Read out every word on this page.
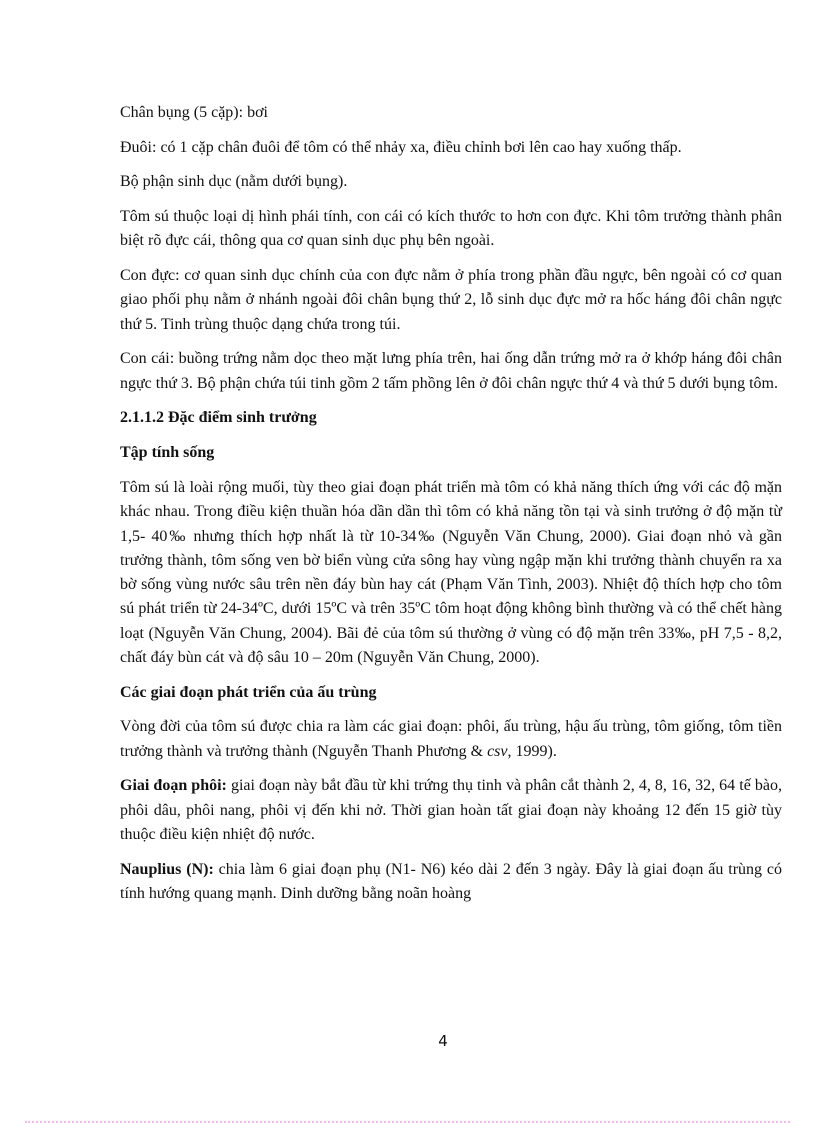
Chân bụng (5 cặp): bơi

Đuôi: có 1 cặp chân đuôi để tôm có thể nhảy xa, điều chỉnh bơi lên cao hay xuống thấp.

Bộ phận sinh dục (nằm dưới bụng).

Tôm sú thuộc loại dị hình phái tính, con cái có kích thước to hơn con đực. Khi tôm trưởng thành phân biệt rõ đực cái, thông qua cơ quan sinh dục phụ bên ngoài.

Con đực: cơ quan sinh dục chính của con đực nằm ở phía trong phần đầu ngực, bên ngoài có cơ quan giao phối phụ nằm ở nhánh ngoài đôi chân bụng thứ 2, lỗ sinh dục đực mở ra hốc háng đôi chân ngực thứ 5. Tinh trùng thuộc dạng chứa trong túi.

Con cái: buồng trứng nằm dọc theo mặt lưng phía trên, hai ống dẫn trứng mở ra ở khớp háng đôi chân ngực thứ 3. Bộ phận chứa túi tinh gồm 2 tấm phồng lên ở đôi chân ngực thứ 4 và thứ 5 dưới bụng tôm.

2.1.1.2 Đặc điểm sinh trưởng

Tập tính sống

Tôm sú là loài rộng muối, tùy theo giai đoạn phát triển mà tôm có khả năng thích ứng với các độ mặn khác nhau. Trong điều kiện thuần hóa dần dần thì tôm có khả năng tồn tại và sinh trưởng ở độ mặn từ 1,5- 40‰ nhưng thích hợp nhất là từ 10-34‰ (Nguyễn Văn Chung, 2000). Giai đoạn nhỏ và gần trưởng thành, tôm sống ven bờ biển vùng cửa sông hay vùng ngập mặn khi trưởng thành chuyển ra xa bờ sống vùng nước sâu trên nền đáy bùn hay cát (Phạm Văn Tình, 2003). Nhiệt độ thích hợp cho tôm sú phát triển từ 24-34ºC, dưới 15ºC và trên 35ºC tôm hoạt động không bình thường và có thể chết hàng loạt (Nguyễn Văn Chung, 2004). Bãi đẻ của tôm sú thường ở vùng có độ mặn trên 33‰, pH 7,5 - 8,2, chất đáy bùn cát và độ sâu 10 – 20m (Nguyễn Văn Chung, 2000).

Các giai đoạn phát triển của ấu trùng

Vòng đời của tôm sú được chia ra làm các giai đoạn: phôi, ấu trùng, hậu ấu trùng, tôm giống, tôm tiền trưởng thành và trưởng thành (Nguyễn Thanh Phương & csv, 1999).

Giai đoạn phôi: giai đoạn này bắt đầu từ khi trứng thụ tinh và phân cắt thành 2, 4, 8, 16, 32, 64 tế bào, phôi dâu, phôi nang, phôi vị đến khi nở. Thời gian hoàn tất giai đoạn này khoảng 12 đến 15 giờ tùy thuộc điều kiện nhiệt độ nước.

Nauplius (N): chia làm 6 giai đoạn phụ (N1- N6) kéo dài 2 đến 3 ngày. Đây là giai đoạn ấu trùng có tính hướng quang mạnh. Dinh dưỡng bằng noãn hoàng

4
